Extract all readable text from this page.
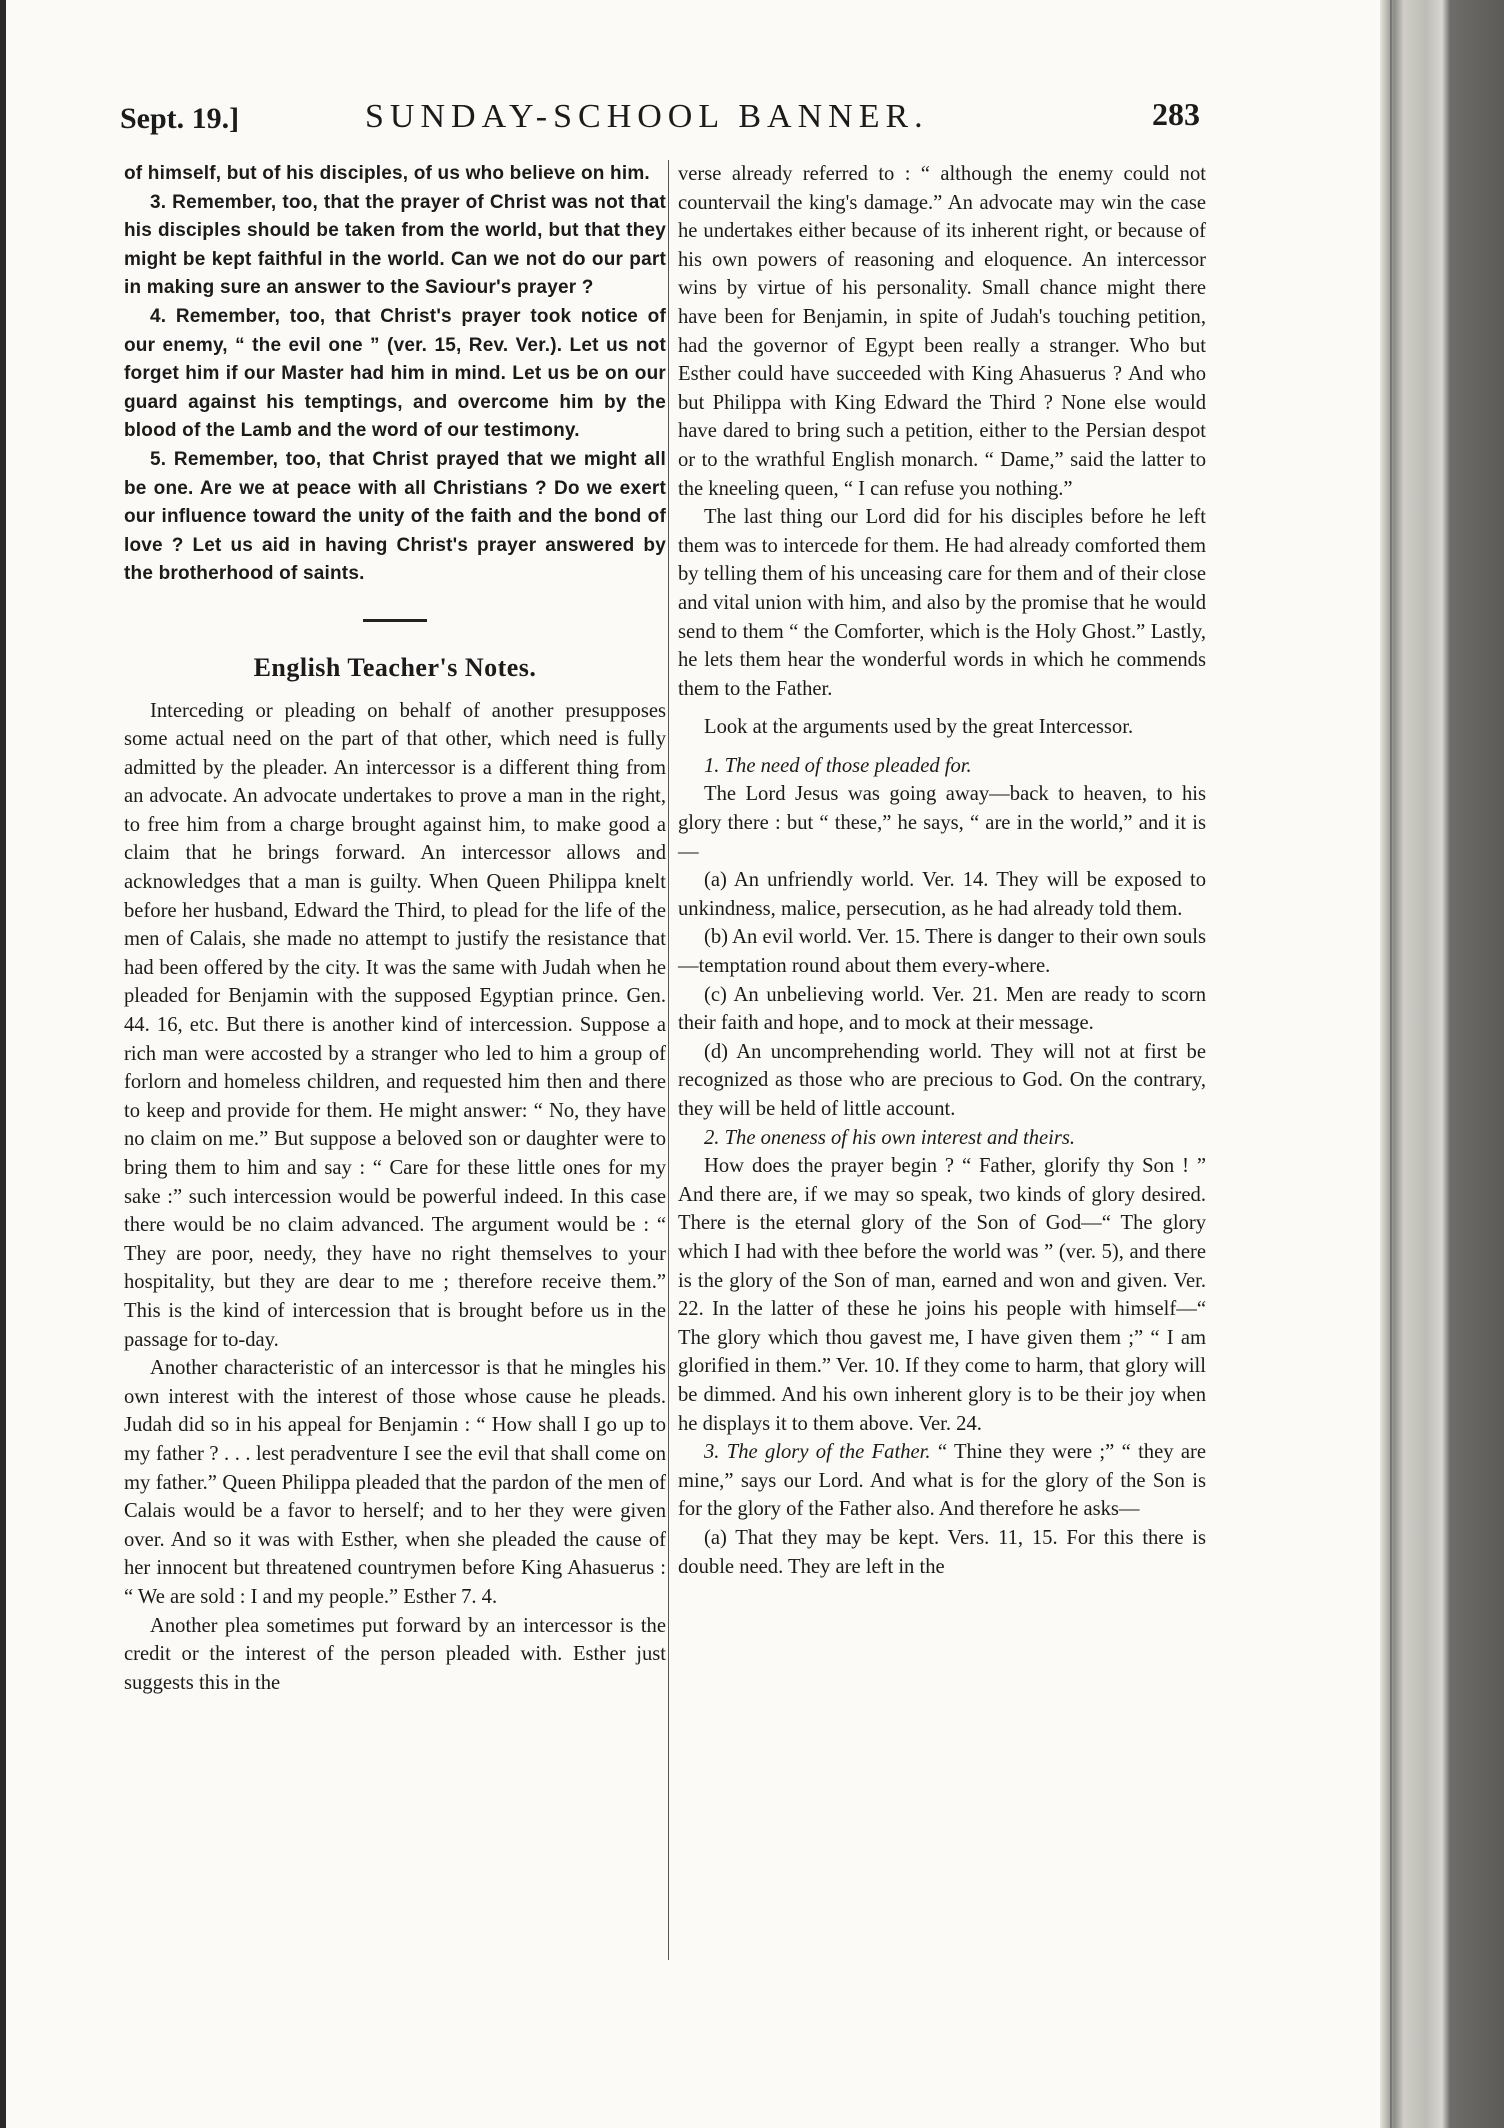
Sept. 19.]	SUNDAY-SCHOOL BANNER.	283

of himself, but of his disciples, of us who believe on him.

3. Remember, too, that the prayer of Christ was not that his disciples should be taken from the world, but that they might be kept faithful in the world. Can we not do our part in making sure an answer to the Saviour's prayer ?

4. Remember, too, that Christ's prayer took notice of our enemy, “ the evil one ” (ver. 15, Rev. Ver.). Let us not forget him if our Master had him in mind. Let us be on our guard against his temptings, and overcome him by the blood of the Lamb and the word of our testimony.

5. Remember, too, that Christ prayed that we might all be one. Are we at peace with all Christians ? Do we exert our influence toward the unity of the faith and the bond of love ? Let us aid in having Christ's prayer answered by the brotherhood of saints.

English Teacher's Notes.

Interceding or pleading on behalf of another presupposes some actual need on the part of that other, which need is fully admitted by the pleader. An intercessor is a different thing from an advocate. An advocate undertakes to prove a man in the right, to free him from a charge brought against him, to make good a claim that he brings forward. An intercessor allows and acknowledges that a man is guilty. When Queen Philippa knelt before her husband, Edward the Third, to plead for the life of the men of Calais, she made no attempt to justify the resistance that had been offered by the city. It was the same with Judah when he pleaded for Benjamin with the supposed Egyptian prince. Gen. 44. 16, etc. But there is another kind of intercession. Suppose a rich man were accosted by a stranger who led to him a group of forlorn and homeless children, and requested him then and there to keep and provide for them. He might answer: “ No, they have no claim on me.” But suppose a beloved son or daughter were to bring them to him and say : “ Care for these little ones for my sake :” such intercession would be powerful indeed. In this case there would be no claim advanced. The argument would be : “ They are poor, needy, they have no right themselves to your hospitality, but they are dear to me ; therefore receive them.” This is the kind of intercession that is brought before us in the passage for to-day.

Another characteristic of an intercessor is that he mingles his own interest with the interest of those whose cause he pleads. Judah did so in his appeal for Benjamin : “ How shall I go up to my father ? . . . lest peradventure I see the evil that shall come on my father.” Queen Philippa pleaded that the pardon of the men of Calais would be a favor to herself; and to her they were given over. And so it was with Esther, when she pleaded the cause of her innocent but threatened countrymen before King Ahasuerus : “ We are sold : I and my people.” Esther 7. 4.

Another plea sometimes put forward by an intercessor is the credit or the interest of the person pleaded with. Esther just suggests this in the

verse already referred to : “ although the enemy could not countervail the king's damage.” An advocate may win the case he undertakes either because of its inherent right, or because of his own powers of reasoning and eloquence. An intercessor wins by virtue of his personality. Small chance might there have been for Benjamin, in spite of Judah's touching petition, had the governor of Egypt been really a stranger. Who but Esther could have succeeded with King Ahasuerus ? And who but Philippa with King Edward the Third ? None else would have dared to bring such a petition, either to the Persian despot or to the wrathful English monarch. “ Dame,” said the latter to the kneeling queen, “ I can refuse you nothing.”

The last thing our Lord did for his disciples before he left them was to intercede for them. He had already comforted them by telling them of his unceasing care for them and of their close and vital union with him, and also by the promise that he would send to them “ the Comforter, which is the Holy Ghost.” Lastly, he lets them hear the wonderful words in which he commends them to the Father.

Look at the arguments used by the great Intercessor.

1. The need of those pleaded for.

The Lord Jesus was going away—back to heaven, to his glory there : but “ these,” he says, “ are in the world,” and it is—

(a) An unfriendly world. Ver. 14. They will be exposed to unkindness, malice, persecution, as he had already told them.

(b) An evil world. Ver. 15. There is danger to their own souls—temptation round about them every-where.

(c) An unbelieving world. Ver. 21. Men are ready to scorn their faith and hope, and to mock at their message.

(d) An uncomprehending world. They will not at first be recognized as those who are precious to God. On the contrary, they will be held of little account.

2. The oneness of his own interest and theirs.

How does the prayer begin ? “ Father, glorify thy Son ! ” And there are, if we may so speak, two kinds of glory desired. There is the eternal glory of the Son of God—“ The glory which I had with thee before the world was ” (ver. 5), and there is the glory of the Son of man, earned and won and given. Ver. 22. In the latter of these he joins his people with himself—“ The glory which thou gavest me, I have given them ;” “ I am glorified in them.” Ver. 10. If they come to harm, that glory will be dimmed. And his own inherent glory is to be their joy when he displays it to them above. Ver. 24.

3. The glory of the Father. “ Thine they were ;” “ they are mine,” says our Lord. And what is for the glory of the Son is for the glory of the Father also. And therefore he asks—

(a) That they may be kept. Vers. 11, 15. For this there is double need. They are left in the
